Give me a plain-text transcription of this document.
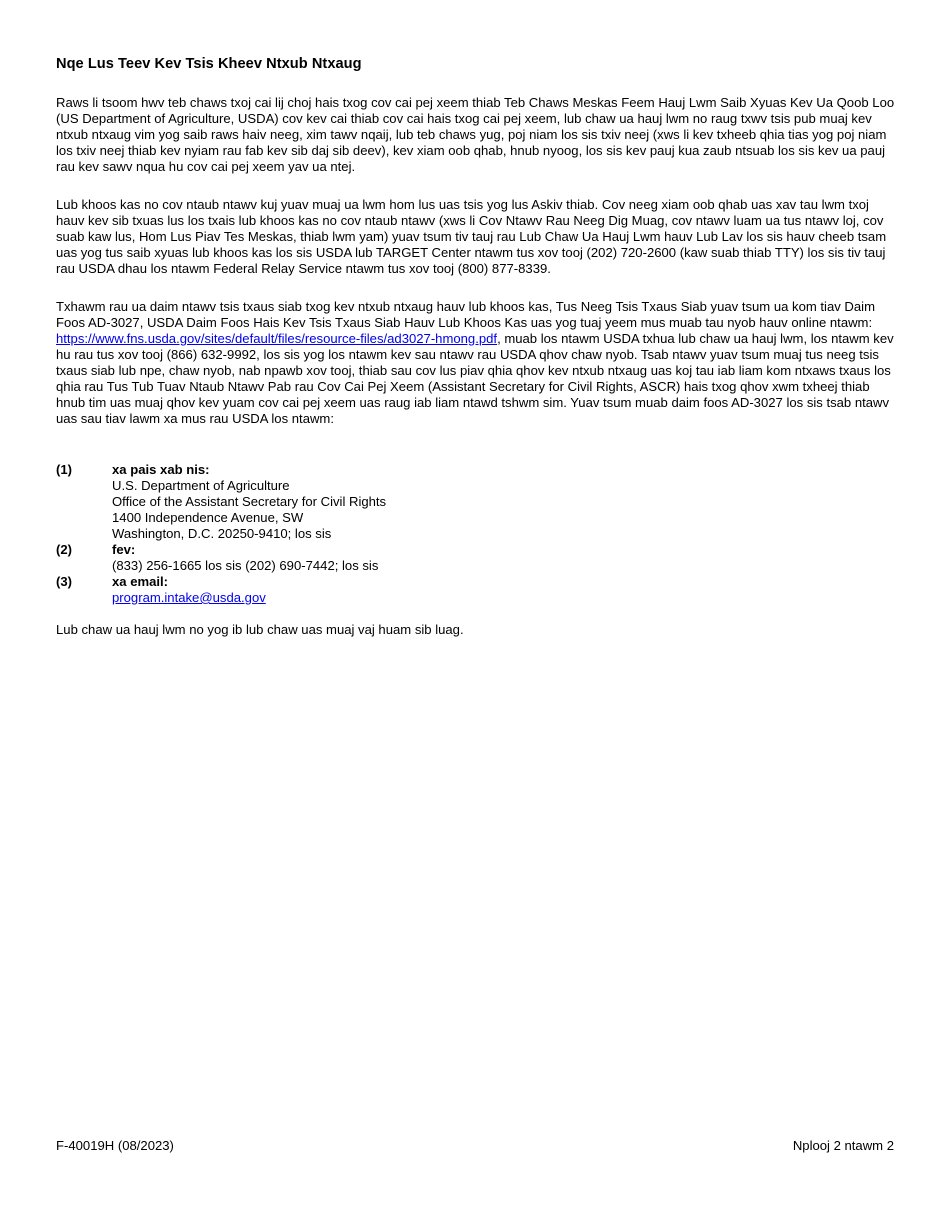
Nqe Lus Teev Kev Tsis Kheev Ntxub Ntxaug

Raws li tsoom hwv teb chaws txoj cai lij choj hais txog cov cai pej xeem thiab Teb Chaws Meskas Feem Hauj Lwm Saib Xyuas Kev Ua Qoob Loo (US Department of Agriculture, USDA) cov kev cai thiab cov cai hais txog cai pej xeem, lub chaw ua hauj lwm no raug txwv tsis pub muaj kev ntxub ntxaug vim yog saib raws haiv neeg, xim tawv nqaij, lub teb chaws yug, poj niam los sis txiv neej (xws li kev txheeb qhia tias yog poj niam los txiv neej thiab kev nyiam rau fab kev sib daj sib deev), kev xiam oob qhab, hnub nyoog, los sis kev pauj kua zaub ntsuab los sis kev ua pauj rau kev sawv nqua hu cov cai pej xeem yav ua ntej.

Lub khoos kas no cov ntaub ntawv kuj yuav muaj ua lwm hom lus uas tsis yog lus Askiv thiab. Cov neeg xiam oob qhab uas xav tau lwm txoj hauv kev sib txuas lus los txais lub khoos kas no cov ntaub ntawv (xws li Cov Ntawv Rau Neeg Dig Muag, cov ntawv luam ua tus ntawv loj, cov suab kaw lus, Hom Lus Piav Tes Meskas, thiab lwm yam) yuav tsum tiv tauj rau Lub Chaw Ua Hauj Lwm hauv Lub Lav los sis hauv cheeb tsam uas yog tus saib xyuas lub khoos kas los sis USDA lub TARGET Center ntawm tus xov tooj (202) 720-2600 (kaw suab thiab TTY) los sis tiv tauj rau USDA dhau los ntawm Federal Relay Service ntawm tus xov tooj (800) 877-8339.

Txhawm rau ua daim ntawv tsis txaus siab txog kev ntxub ntxaug hauv lub khoos kas, Tus Neeg Tsis Txaus Siab yuav tsum ua kom tiav Daim Foos AD-3027, USDA Daim Foos Hais Kev Tsis Txaus Siab Hauv Lub Khoos Kas uas yog tuaj yeem mus muab tau nyob hauv online ntawm: https://www.fns.usda.gov/sites/default/files/resource-files/ad3027-hmong.pdf, muab los ntawm USDA txhua lub chaw ua hauj lwm, los ntawm kev hu rau tus xov tooj (866) 632-9992, los sis yog los ntawm kev sau ntawv rau USDA qhov chaw nyob. Tsab ntawv yuav tsum muaj tus neeg tsis txaus siab lub npe, chaw nyob, nab npawb xov tooj, thiab sau cov lus piav qhia qhov kev ntxub ntxaug uas koj tau iab liam kom ntxaws txaus los qhia rau Tus Tub Tuav Ntaub Ntawv Pab rau Cov Cai Pej Xeem (Assistant Secretary for Civil Rights, ASCR) hais txog qhov xwm txheej thiab hnub tim uas muaj qhov kev yuam cov cai pej xeem uas raug iab liam ntawd tshwm sim. Yuav tsum muab daim foos AD-3027 los sis tsab ntawv uas sau tiav lawm xa mus rau USDA los ntawm:

(1)	xa pais xab nis:
U.S. Department of Agriculture
Office of the Assistant Secretary for Civil Rights
1400 Independence Avenue, SW
Washington, D.C. 20250-9410; los sis
(2)	fev:
(833) 256-1665 los sis (202) 690-7442; los sis
(3)	xa email:
program.intake@usda.gov
Lub chaw ua hauj lwm no yog ib lub chaw uas muaj vaj huam sib luag.
F-40019H (08/2023)	Nplooj 2 ntawm 2
